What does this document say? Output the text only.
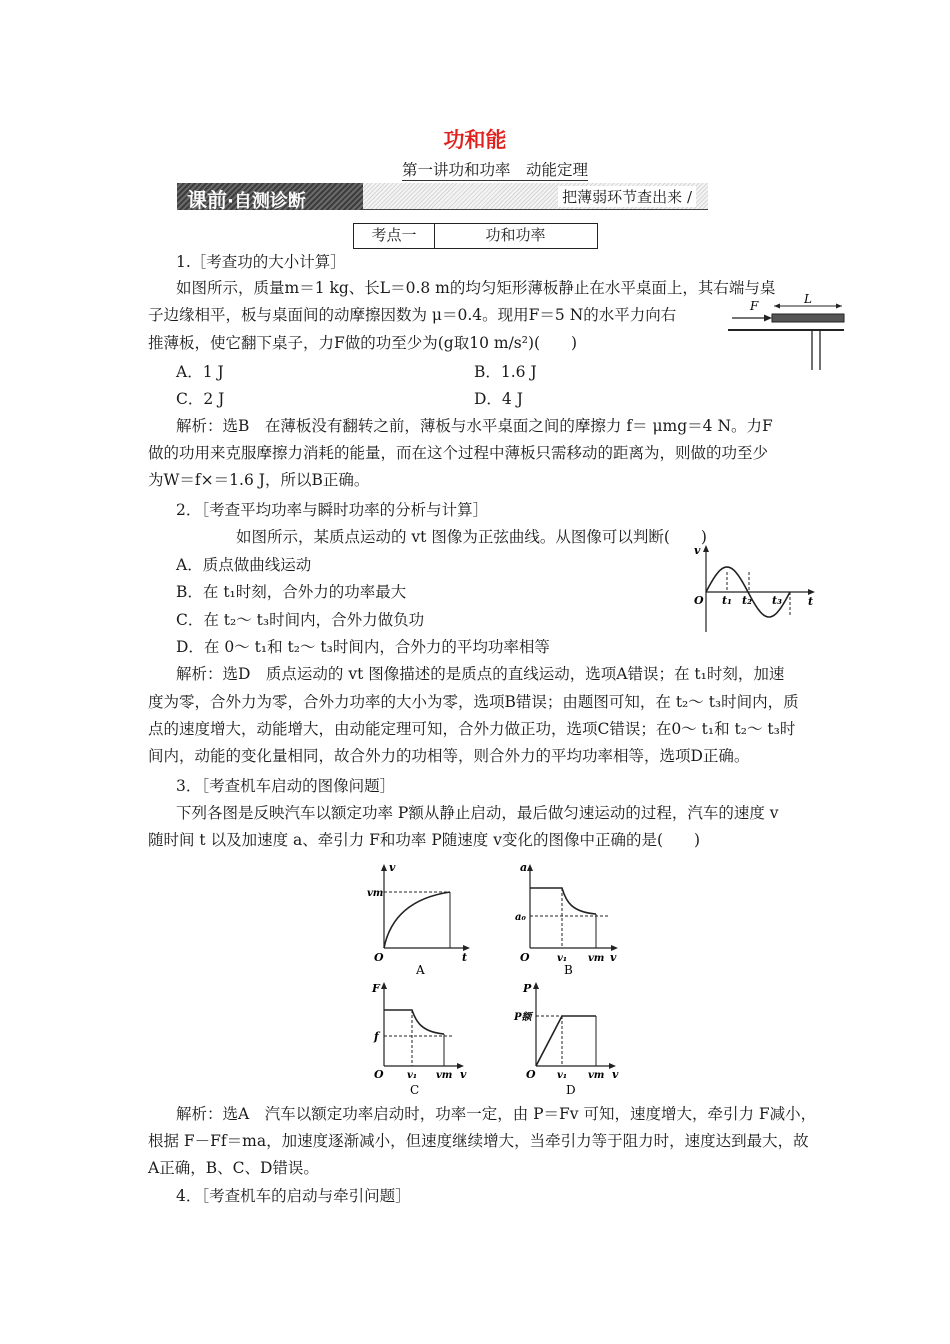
功和能
第一讲功和功率　动能定理
课前·自测诊断	把薄弱环节查出来 /
考点一	功和功率
1.［考查功的大小计算］
如图所示，质量m＝1 kg、长L＝0.8 m的均匀矩形薄板静止在水平桌面上，其右端与桌
子边缘相平，板与桌面间的动摩擦因数为 μ＝0.4。现用F＝5 N的水平力向右
推薄板，使它翻下桌子，力F做的功至少为(g取10 m/s²)(　　)
A．1 J	B．1.6 J
C．2 J	D．4 J
解析：选B　在薄板没有翻转之前，薄板与水平桌面之间的摩擦力 f＝ μmg＝4 N。力F
做的功用来克服摩擦力消耗的能量，而在这个过程中薄板只需移动的距离为，则做的功至少
为W＝f×＝1.6 J，所以B正确。
F	L
2．［考查平均功率与瞬时功率的分析与计算］
如图所示，某质点运动的 vt 图像为正弦曲线。从图像可以判断(　　)
A．质点做曲线运动
B．在 t₁时刻，合外力的功率最大
C．在 t₂～ t₃时间内，合外力做负功
D．在 0～ t₁和 t₂～ t₃时间内，合外力的平均功率相等
解析：选D　质点运动的 vt 图像描述的是质点的直线运动，选项A错误；在 t₁时刻，加速
度为零，合外力为零，合外力功率的大小为零，选项B错误；由题图可知，在 t₂～ t₃时间内，质
点的速度增大，动能增大，由动能定理可知，合外力做正功，选项C错误；在0～ t₁和 t₂～ t₃时
间内，动能的变化量相同，故合外力的功相等，则合外力的平均功率相等，选项D正确。
v
O	t
t₁ t₂ t₃
3．［考查机车启动的图像问题］
下列各图是反映汽车以额定功率 P额从静止启动，最后做匀速运动的过程，汽车的速度 v
随时间 t 以及加速度 a、牵引力 F和功率 P随速度 v变化的图像中正确的是(　　)
v
t
O
vm
A
a
v
O
a₀
v₁ vm
B
F
v
O
f
v₁ vm
C
P
v
O
P额
v₁ vm
D
解析：选A　汽车以额定功率启动时，功率一定，由 P＝Fv 可知，速度增大，牵引力 F减小，
根据 F－Ff＝ma，加速度逐渐减小，但速度继续增大，当牵引力等于阻力时，速度达到最大，故
A正确，B、C、D错误。
4．［考查机车的启动与牵引问题］
